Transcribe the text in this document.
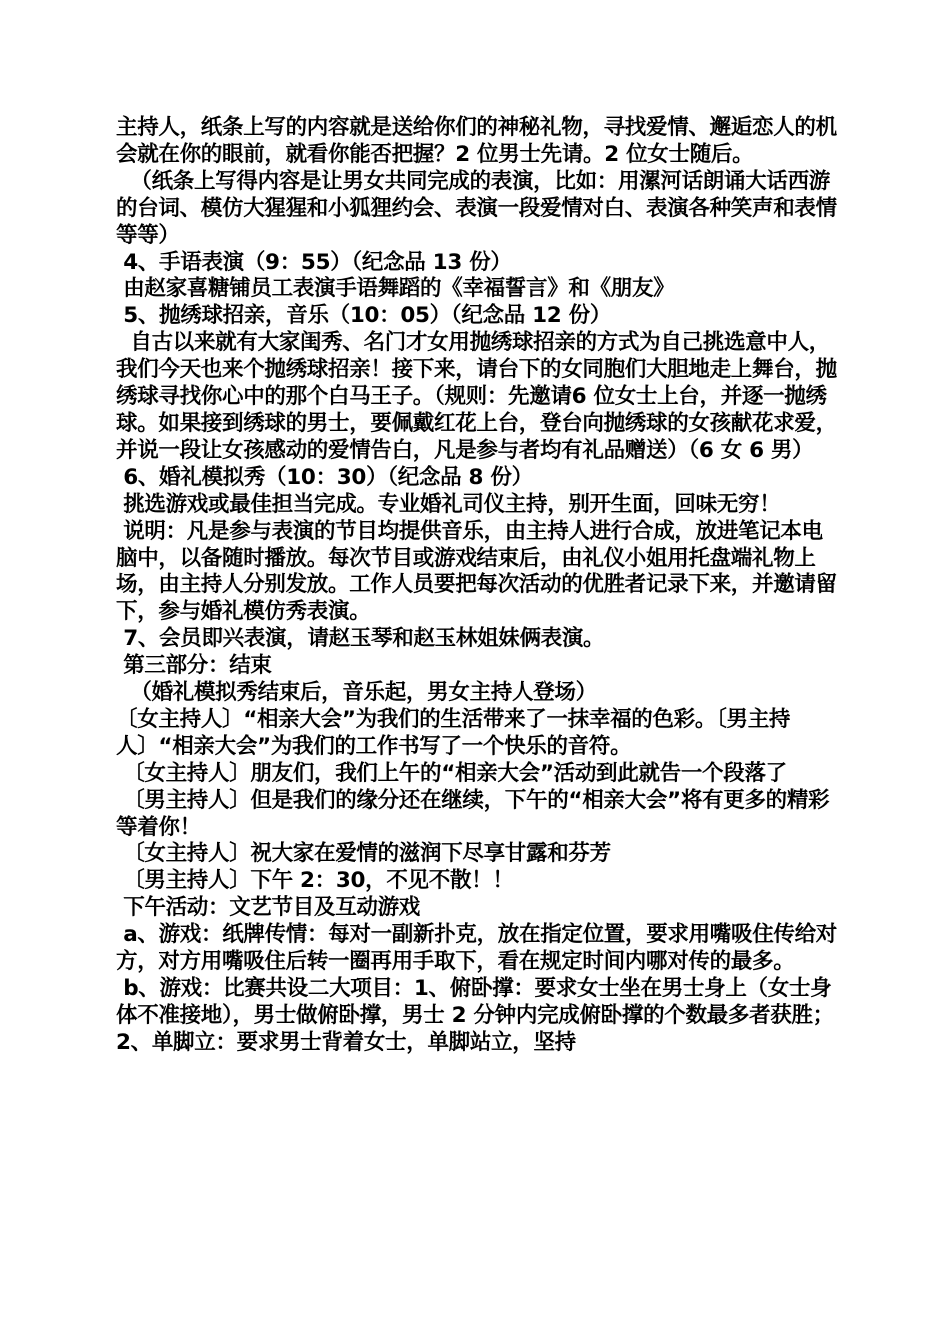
主持人，纸条上写的内容就是送给你们的神秘礼物，寻找爱情、邂逅恋人的机会就在你的眼前，就看你能否把握？2 位男士先请。2 位女士随后。

（纸条上写得内容是让男女共同完成的表演，比如：用漯河话朗诵大话西游的台词、模仿大猩猩和小狐狸约会、表演一段爱情对白、表演各种笑声和表情等等）

4、手语表演（9：55）（纪念品 13 份）

由赵家喜糖铺员工表演手语舞蹈的《幸福誓言》和《朋友》

5、抛绣球招亲，音乐（10：05）（纪念品 12 份）

自古以来就有大家闺秀、名门才女用抛绣球招亲的方式为自己挑选意中人，我们今天也来个抛绣球招亲！接下来，请台下的女同胞们大胆地走上舞台，抛绣球寻找你心中的那个白马王子。（规则：先邀请6 位女士上台，并逐一抛绣球。如果接到绣球的男士，要佩戴红花上台，登台向抛绣球的女孩献花求爱，并说一段让女孩感动的爱情告白，凡是参与者均有礼品赠送）（6 女 6 男）

6、婚礼模拟秀（10：30）（纪念品 8 份）

挑选游戏或最佳担当完成。专业婚礼司仪主持，别开生面，回味无穷！

说明：凡是参与表演的节目均提供音乐，由主持人进行合成，放进笔记本电脑中，以备随时播放。每次节目或游戏结束后，由礼仪小姐用托盘端礼物上场，由主持人分别发放。工作人员要把每次活动的优胜者记录下来，并邀请留下，参与婚礼模仿秀表演。

7、会员即兴表演，请赵玉琴和赵玉林姐妹俩表演。

第三部分：结束

（婚礼模拟秀结束后，音乐起，男女主持人登场）

〔女主持人〕“相亲大会”为我们的生活带来了一抹幸福的色彩。〔男主持人〕“相亲大会”为我们的工作书写了一个快乐的音符。

〔女主持人〕朋友们，我们上午的“相亲大会”活动到此就告一个段落了

〔男主持人〕但是我们的缘分还在继续，下午的“相亲大会”将有更多的精彩等着你！

〔女主持人〕祝大家在爱情的滋润下尽享甘露和芬芳

〔男主持人〕下午 2：30，不见不散！！

下午活动：文艺节目及互动游戏

a、游戏：纸牌传情：每对一副新扑克，放在指定位置，要求用嘴吸住传给对方，对方用嘴吸住后转一圈再用手取下，看在规定时间内哪对传的最多。

b、游戏：比赛共设二大项目：1、俯卧撑：要求女士坐在男士身上（女士身体不准接地），男士做俯卧撑，男士 2 分钟内完成俯卧撑的个数最多者获胜；2、单脚立：要求男士背着女士，单脚站立，坚持
